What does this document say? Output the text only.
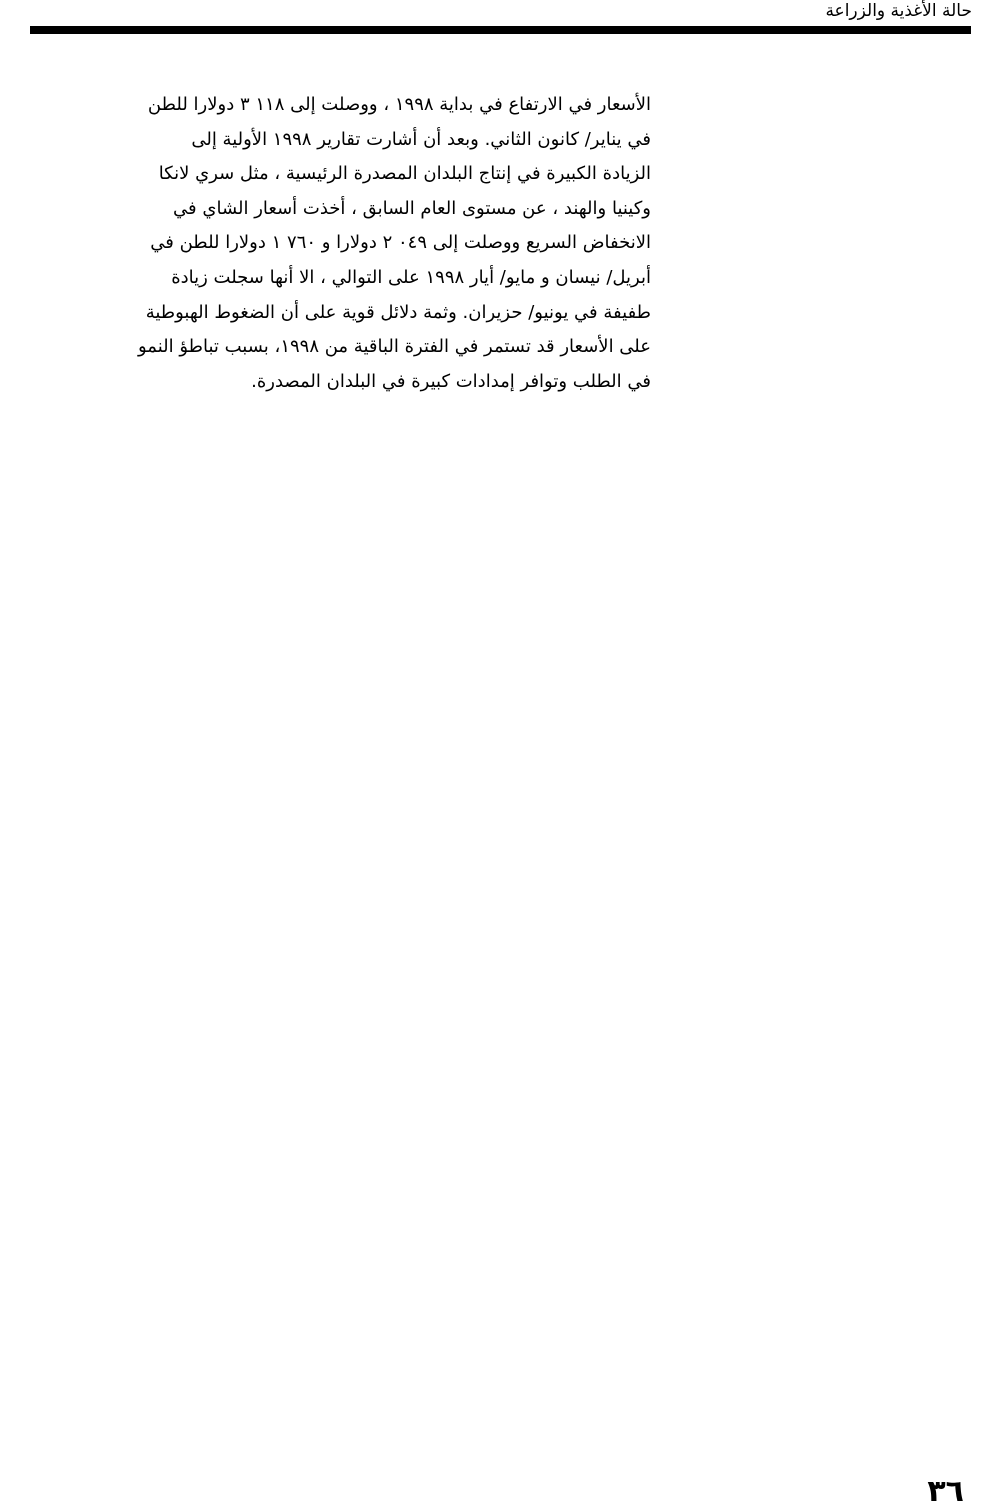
حالة الأغذية والزراعة
الأسعار في الارتفاع في بداية ١٩٩٨ ، ووصلت إلى ١١٨ ٣ دولارا للطن
في يناير/ كانون الثاني. وبعد أن أشارت تقارير ١٩٩٨ الأولية إلى
الزيادة الكبيرة في إنتاج البلدان المصدرة الرئيسية ، مثل سري لانكا
وكينيا والهند ، عن مستوى العام السابق ، أخذت أسعار الشاي في
الانخفاض السريع ووصلت إلى ٠٤٩ ٢ دولارا و ٧٦٠ ١ دولارا للطن في
أبريل/ نيسان و مايو/ أيار ١٩٩٨ على التوالي ، الا أنها سجلت زيادة
طفيفة في يونيو/ حزيران. وثمة دلائل قوية على أن الضغوط الهبوطية
على الأسعار قد تستمر في الفترة الباقية من ١٩٩٨، بسبب تباطؤ النمو
في الطلب وتوافر إمدادات كبيرة في البلدان المصدرة.
٣٦
